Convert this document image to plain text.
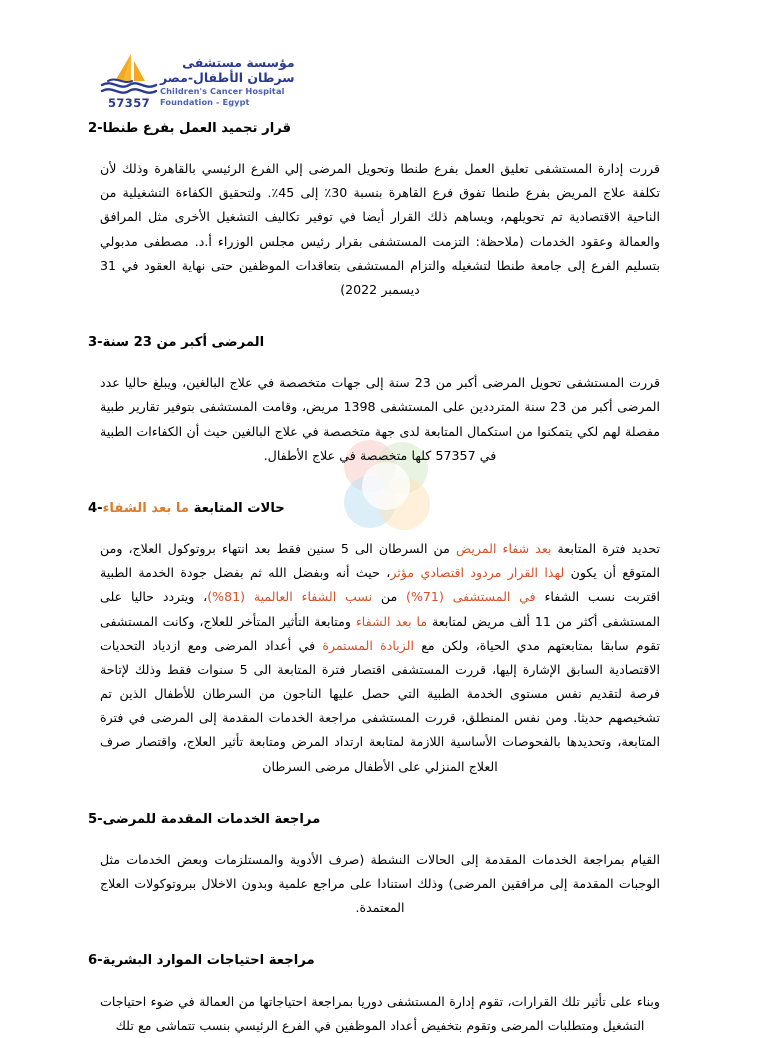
مؤسسة مستشفى
سرطان الأطفال-مصر
Children's Cancer Hospital
Foundation - Egypt
57357
قرار تجميد العمل بفرع طنطا
2-

قررت إدارة المستشفى تعليق العمل بفرع طنطا وتحويل المرضى إلي الفرع الرئيسي بالقاهرة وذلك لأن تكلفة علاج المريض بفرع طنطا تفوق فرع القاهرة بنسبة 30٪ إلى 45٪. ولتحقيق الكفاءة التشغيلية من الناحية الاقتصادية تم تحويلهم، ويساهم ذلك القرار أيضا في توفير تكاليف التشغيل الأخرى مثل المرافق والعمالة وعقود الخدمات (ملاحظة: التزمت المستشفى بقرار رئيس مجلس الوزراء أ.د. مصطفى مدبولي بتسليم الفرع إلى جامعة طنطا لتشغيله والتزام المستشفى بتعاقدات الموظفين حتى نهاية العقود في 31 ديسمبر 2022)

المرضى أكبر من 23 سنة
3-

قررت المستشفى تحويل المرضى أكبر من 23 سنة إلى جهات متخصصة في علاج البالغين، ويبلغ حاليا عدد المرضى أكبر من 23 سنة المترددين على المستشفى 1398 مريض، وقامت المستشفى بتوفير تقارير طبية مفصلة لهم لكي يتمكنوا من استكمال المتابعة لدى جهة متخصصة في علاج البالغين حيث أن الكفاءات الطبية في 57357 كلها متخصصة في علاج الأطفال.

حالات المتابعة ما بعد الشفاء
4-

تحديد فترة المتابعة بعد شفاء المريض من السرطان الى 5 سنين فقط بعد انتهاء بروتوكول العلاج، ومن المتوقع أن يكون لهذا القرار مردود اقتصادي مؤثر، حيث أنه وبفضل الله ثم بفضل جودة الخدمة الطبية اقتربت نسب الشفاء في المستشفى (71%) من نسب الشفاء العالمية (81%)، ويتردد حاليا على المستشفى أكثر من 11 ألف مريض لمتابعة ما بعد الشفاء ومتابعة التأثير المتأخر للعلاج، وكانت المستشفى تقوم سابقا بمتابعتهم مدي الحياة، ولكن مع الزيادة المستمرة في أعداد المرضى ومع ازدياد التحديات الاقتصادية السابق الإشارة إليها، قررت المستشفى اقتصار فترة المتابعة الى 5 سنوات فقط وذلك لإتاحة فرصة لتقديم نفس مستوى الخدمة الطبية التي حصل عليها الناجون من السرطان للأطفال الذين تم تشخيصهم حديثا. ومن نفس المنطلق، قررت المستشفى مراجعة الخدمات المقدمة إلى المرضى في فترة المتابعة، وتحديدها بالفحوصات الأساسية اللازمة لمتابعة ارتداد المرض ومتابعة تأثير العلاج، واقتصار صرف العلاج المنزلي على الأطفال مرضى السرطان

مراجعة الخدمات المقدمة للمرضى
5-

القيام بمراجعة الخدمات المقدمة إلى الحالات النشطة (صرف الأدوية والمستلزمات وبعض الخدمات مثل الوجبات المقدمة إلى مرافقين المرضى) وذلك استنادا على مراجع علمية وبدون الاخلال ببروتوكولات العلاج المعتمدة.

مراجعة احتياجات الموارد البشرية
6-

وبناء على تأثير تلك القرارات، تقوم إدارة المستشفى دوريا بمراجعة احتياجاتها من العمالة في ضوء احتياجات التشغيل ومتطلبات المرضى وتقوم بتخفيض أعداد الموظفين في الفرع الرئيسي بنسب تتماشى مع تلك
